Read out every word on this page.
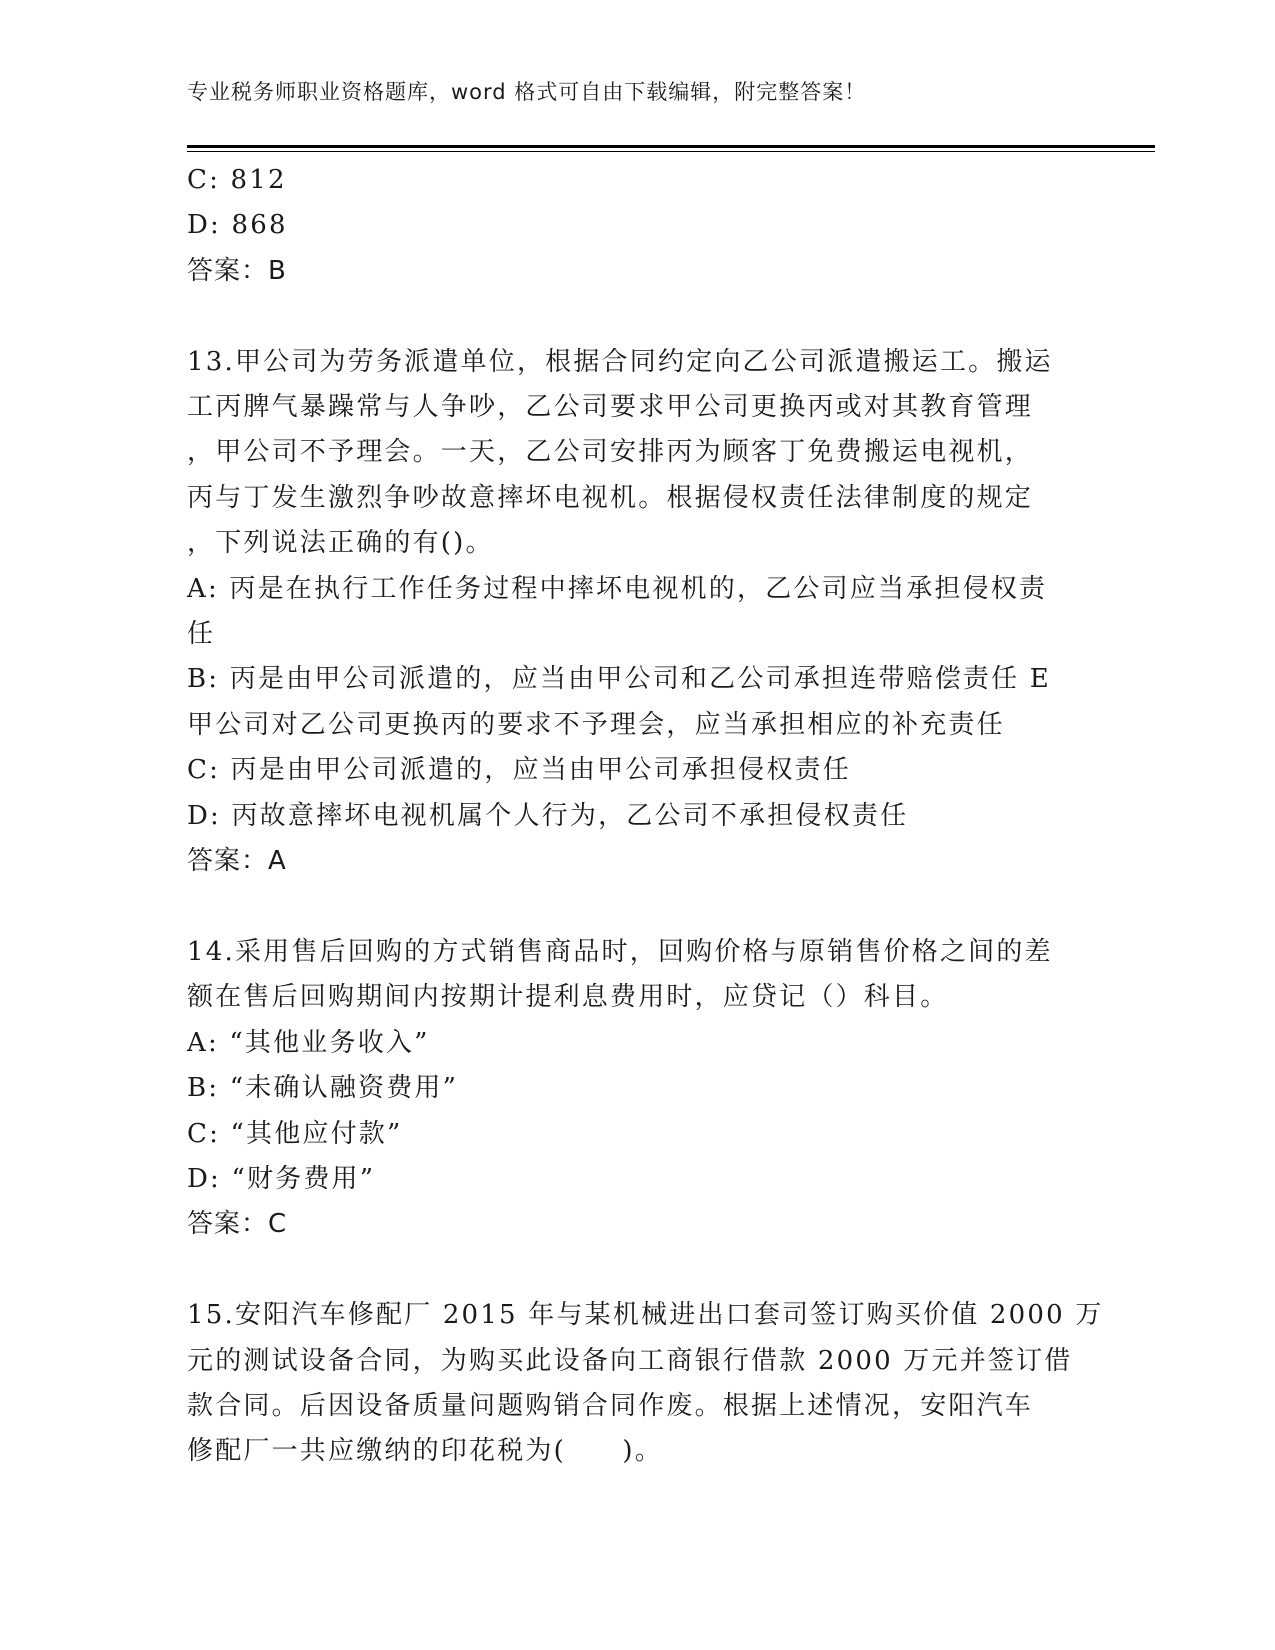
专业税务师职业资格题库，word 格式可自由下载编辑，附完整答案！
C: 812
D: 868
答案：B
13.甲公司为劳务派遣单位，根据合同约定向乙公司派遣搬运工。搬运
工丙脾气暴躁常与人争吵，乙公司要求甲公司更换丙或对其教育管理
，甲公司不予理会。一天，乙公司安排丙为顾客丁免费搬运电视机，
丙与丁发生激烈争吵故意摔坏电视机。根据侵权责任法律制度的规定
，下列说法正确的有()。
A: 丙是在执行工作任务过程中摔坏电视机的，乙公司应当承担侵权责
任
B: 丙是由甲公司派遣的，应当由甲公司和乙公司承担连带赔偿责任 E
甲公司对乙公司更换丙的要求不予理会，应当承担相应的补充责任
C: 丙是由甲公司派遣的，应当由甲公司承担侵权责任
D: 丙故意摔坏电视机属个人行为，乙公司不承担侵权责任
答案：A
14.采用售后回购的方式销售商品时，回购价格与原销售价格之间的差
额在售后回购期间内按期计提利息费用时，应贷记（）科目。
A: “其他业务收入”
B: “未确认融资费用”
C: “其他应付款”
D: “财务费用”
答案：C
15.安阳汽车修配厂 2015 年与某机械进出口套司签订购买价值 2000 万
元的测试设备合同，为购买此设备向工商银行借款 2000 万元并签订借
款合同。后因设备质量问题购销合同作废。根据上述情况，安阳汽车
修配厂一共应缴纳的印花税为(　　)。
